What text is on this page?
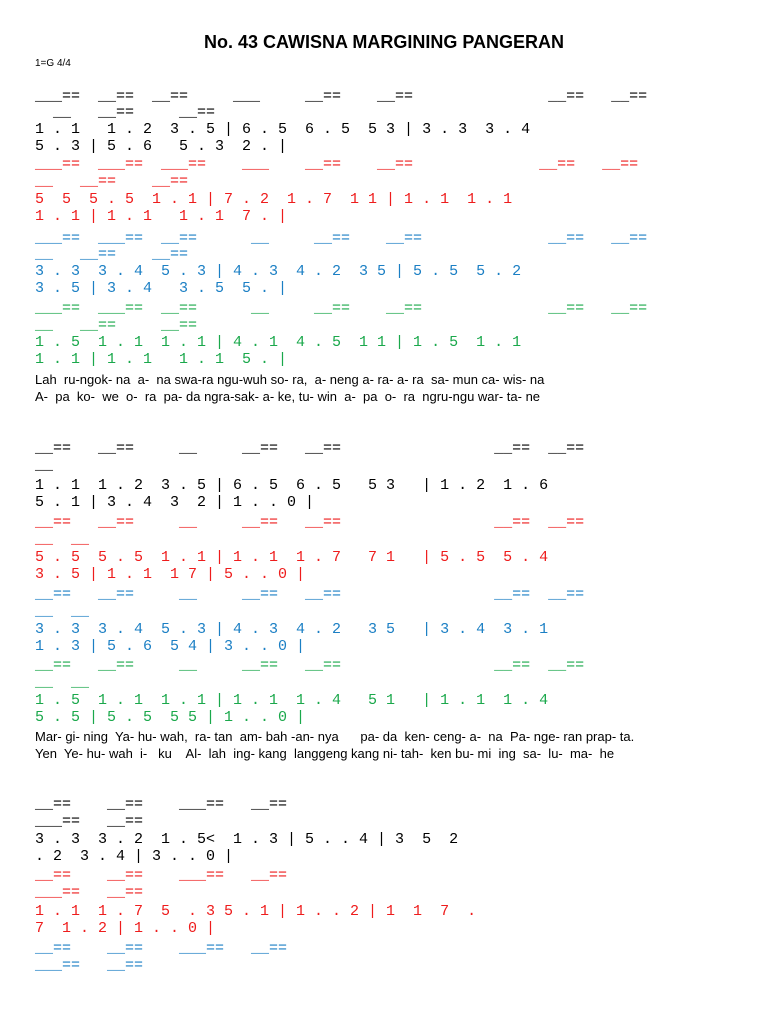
No. 43 CAWISNA MARGINING PANGERAN
1=G 4/4
___==  __==  __==     ___     __==    __==               __==   __==
__   __==     __==
1 . 1   1 . 2  3 . 5 | 6 . 5  6 . 5  5 3 | 3 . 3  3 . 4
5 . 3 | 5 . 6   5 . 3  2 . |
___==  ___==  ___==    ___    __==    __==              __==   __==
__   __==    __==
5  5  5 . 5  1 . 1 | 7 . 2  1 . 7  1 1 | 1 . 1  1 . 1
1 . 1 | 1 . 1   1 . 1  7 . |
___==  ___==  __==      __     __==    __==              __==   __==
__   __==    __==
3 . 3  3 . 4  5 . 3 | 4 . 3  4 . 2  3 5 | 5 . 5  5 . 2
3 . 5 | 3 . 4   3 . 5  5 . |
___==  ___==  __==      __     __==    __==              __==   __==
__   __==     __==
1 . 5  1 . 1  1 . 1 | 4 . 1  4 . 5  1 1 | 1 . 5  1 . 1
1 . 1 | 1 . 1   1 . 1  5 . |
Lah  ru-ngok- na  a-  na swa-ra ngu-wuh so- ra,  a- neng a- ra- a- ra  sa- mun ca- wis- na
A-  pa  ko-  we  o-  ra  pa- da ngra-sak- a- ke, tu- win  a-  pa  o-  ra  ngru-ngu war- ta- ne
__==   __==     __     __==   __==                 __==  __==
__
1 . 1  1 . 2  3 . 5 | 6 . 5  6 . 5   5 3   | 1 . 2  1 . 6
5 . 1 | 3 . 4  3  2 | 1 . . 0 |
__==   __==     __     __==   __==                 __==  __==
__  __
5 . 5  5 . 5  1 . 1 | 1 . 1  1 . 7   7 1   | 5 . 5  5 . 4
3 . 5 | 1 . 1  1 7 | 5 . . 0 |
__==   __==     __     __==   __==                 __==  __==
__  __
3 . 3  3 . 4  5 . 3 | 4 . 3  4 . 2   3 5   | 3 . 4  3 . 1
1 . 3 | 5 . 6  5 4 | 3 . . 0 |
__==   __==     __     __==   __==                 __==  __==
__  __
1 . 5  1 . 1  1 . 1 | 1 . 1  1 . 4   5 1   | 1 . 1  1 . 4
5 . 5 | 5 . 5  5 5 | 1 . . 0 |
Mar- gi- ning  Ya- hu- wah,  ra- tan  am- bah -an- nya      pa- da  ken- ceng- a-  na  Pa- nge- ran prap- ta.
Yen  Ye- hu- wah  i-   ku    Al-  lah  ing- kang  langgeng kang ni- tah-  ken bu- mi  ing  sa-  lu-  ma-  he
__==    __==    ___==   __==
___==   __==
3 . 3  3 . 2  1 . 5<  1 . 3 | 5 . . 4 | 3  5  2
. 2  3 . 4 | 3 . . 0 |
__==    __==    ___==   __==
___==   __==
1 . 1  1 . 7  5  . 3 5 . 1 | 1 . . 2 | 1  1  7  .
7  1 . 2 | 1 . . 0 |
__==    __==    ___==   __==
___==   __==
